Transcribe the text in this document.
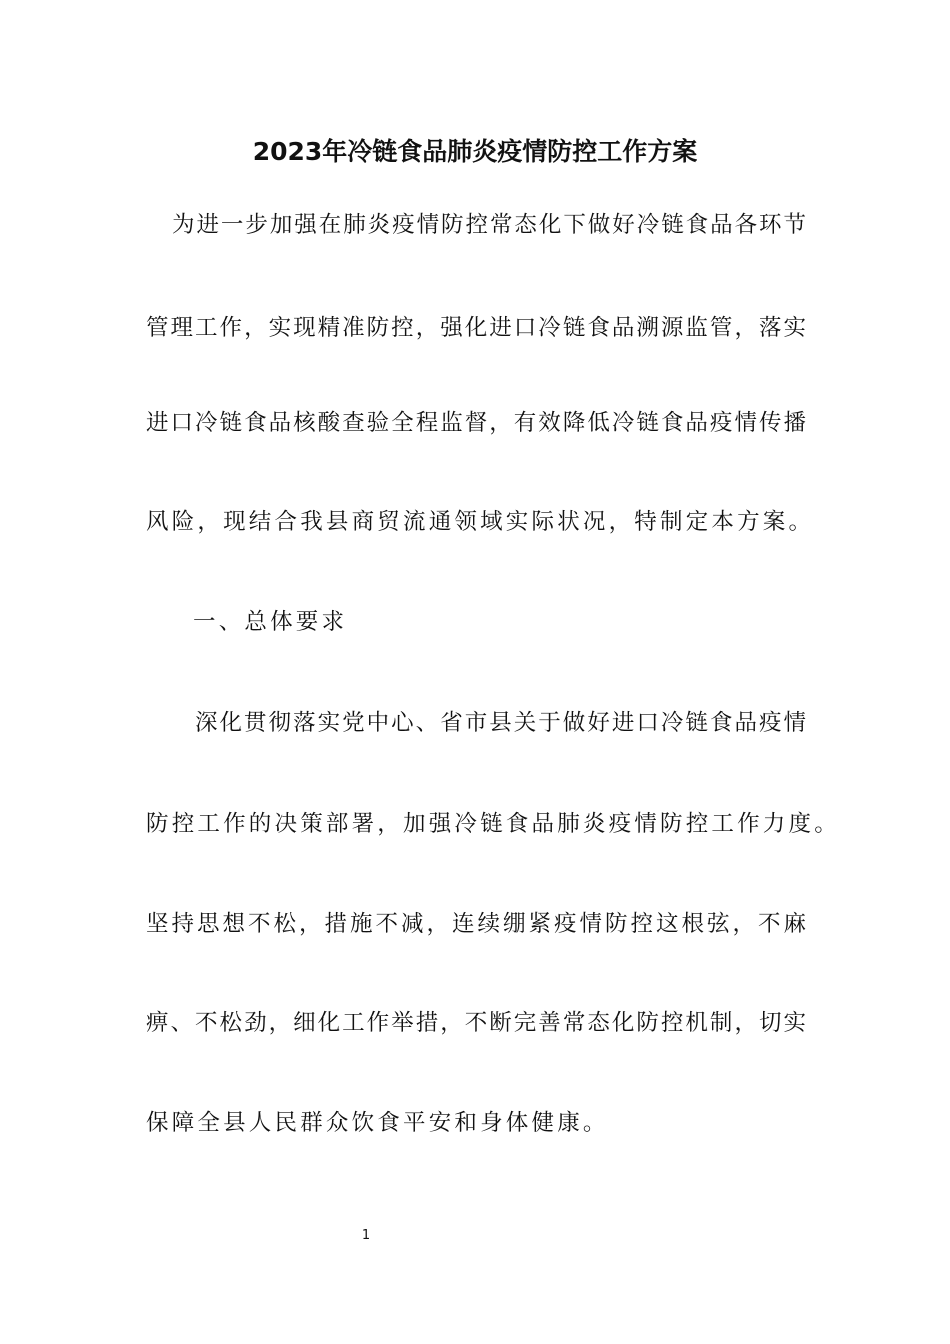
2023年冷链食品肺炎疫情防控工作方案

为进一步加强在肺炎疫情防控常态化下做好冷链食品各环节

管理工作，实现精准防控，强化进口冷链食品溯源监管，落实

进口冷链食品核酸查验全程监督，有效降低冷链食品疫情传播

风险，现结合我县商贸流通领域实际状况，特制定本方案。

一、总体要求

深化贯彻落实党中心、省市县关于做好进口冷链食品疫情

防控工作的决策部署，加强冷链食品肺炎疫情防控工作力度。

坚持思想不松，措施不减，连续绷紧疫情防控这根弦，不麻

痹、不松劲，细化工作举措，不断完善常态化防控机制，切实

保障全县人民群众饮食平安和身体健康。

1
